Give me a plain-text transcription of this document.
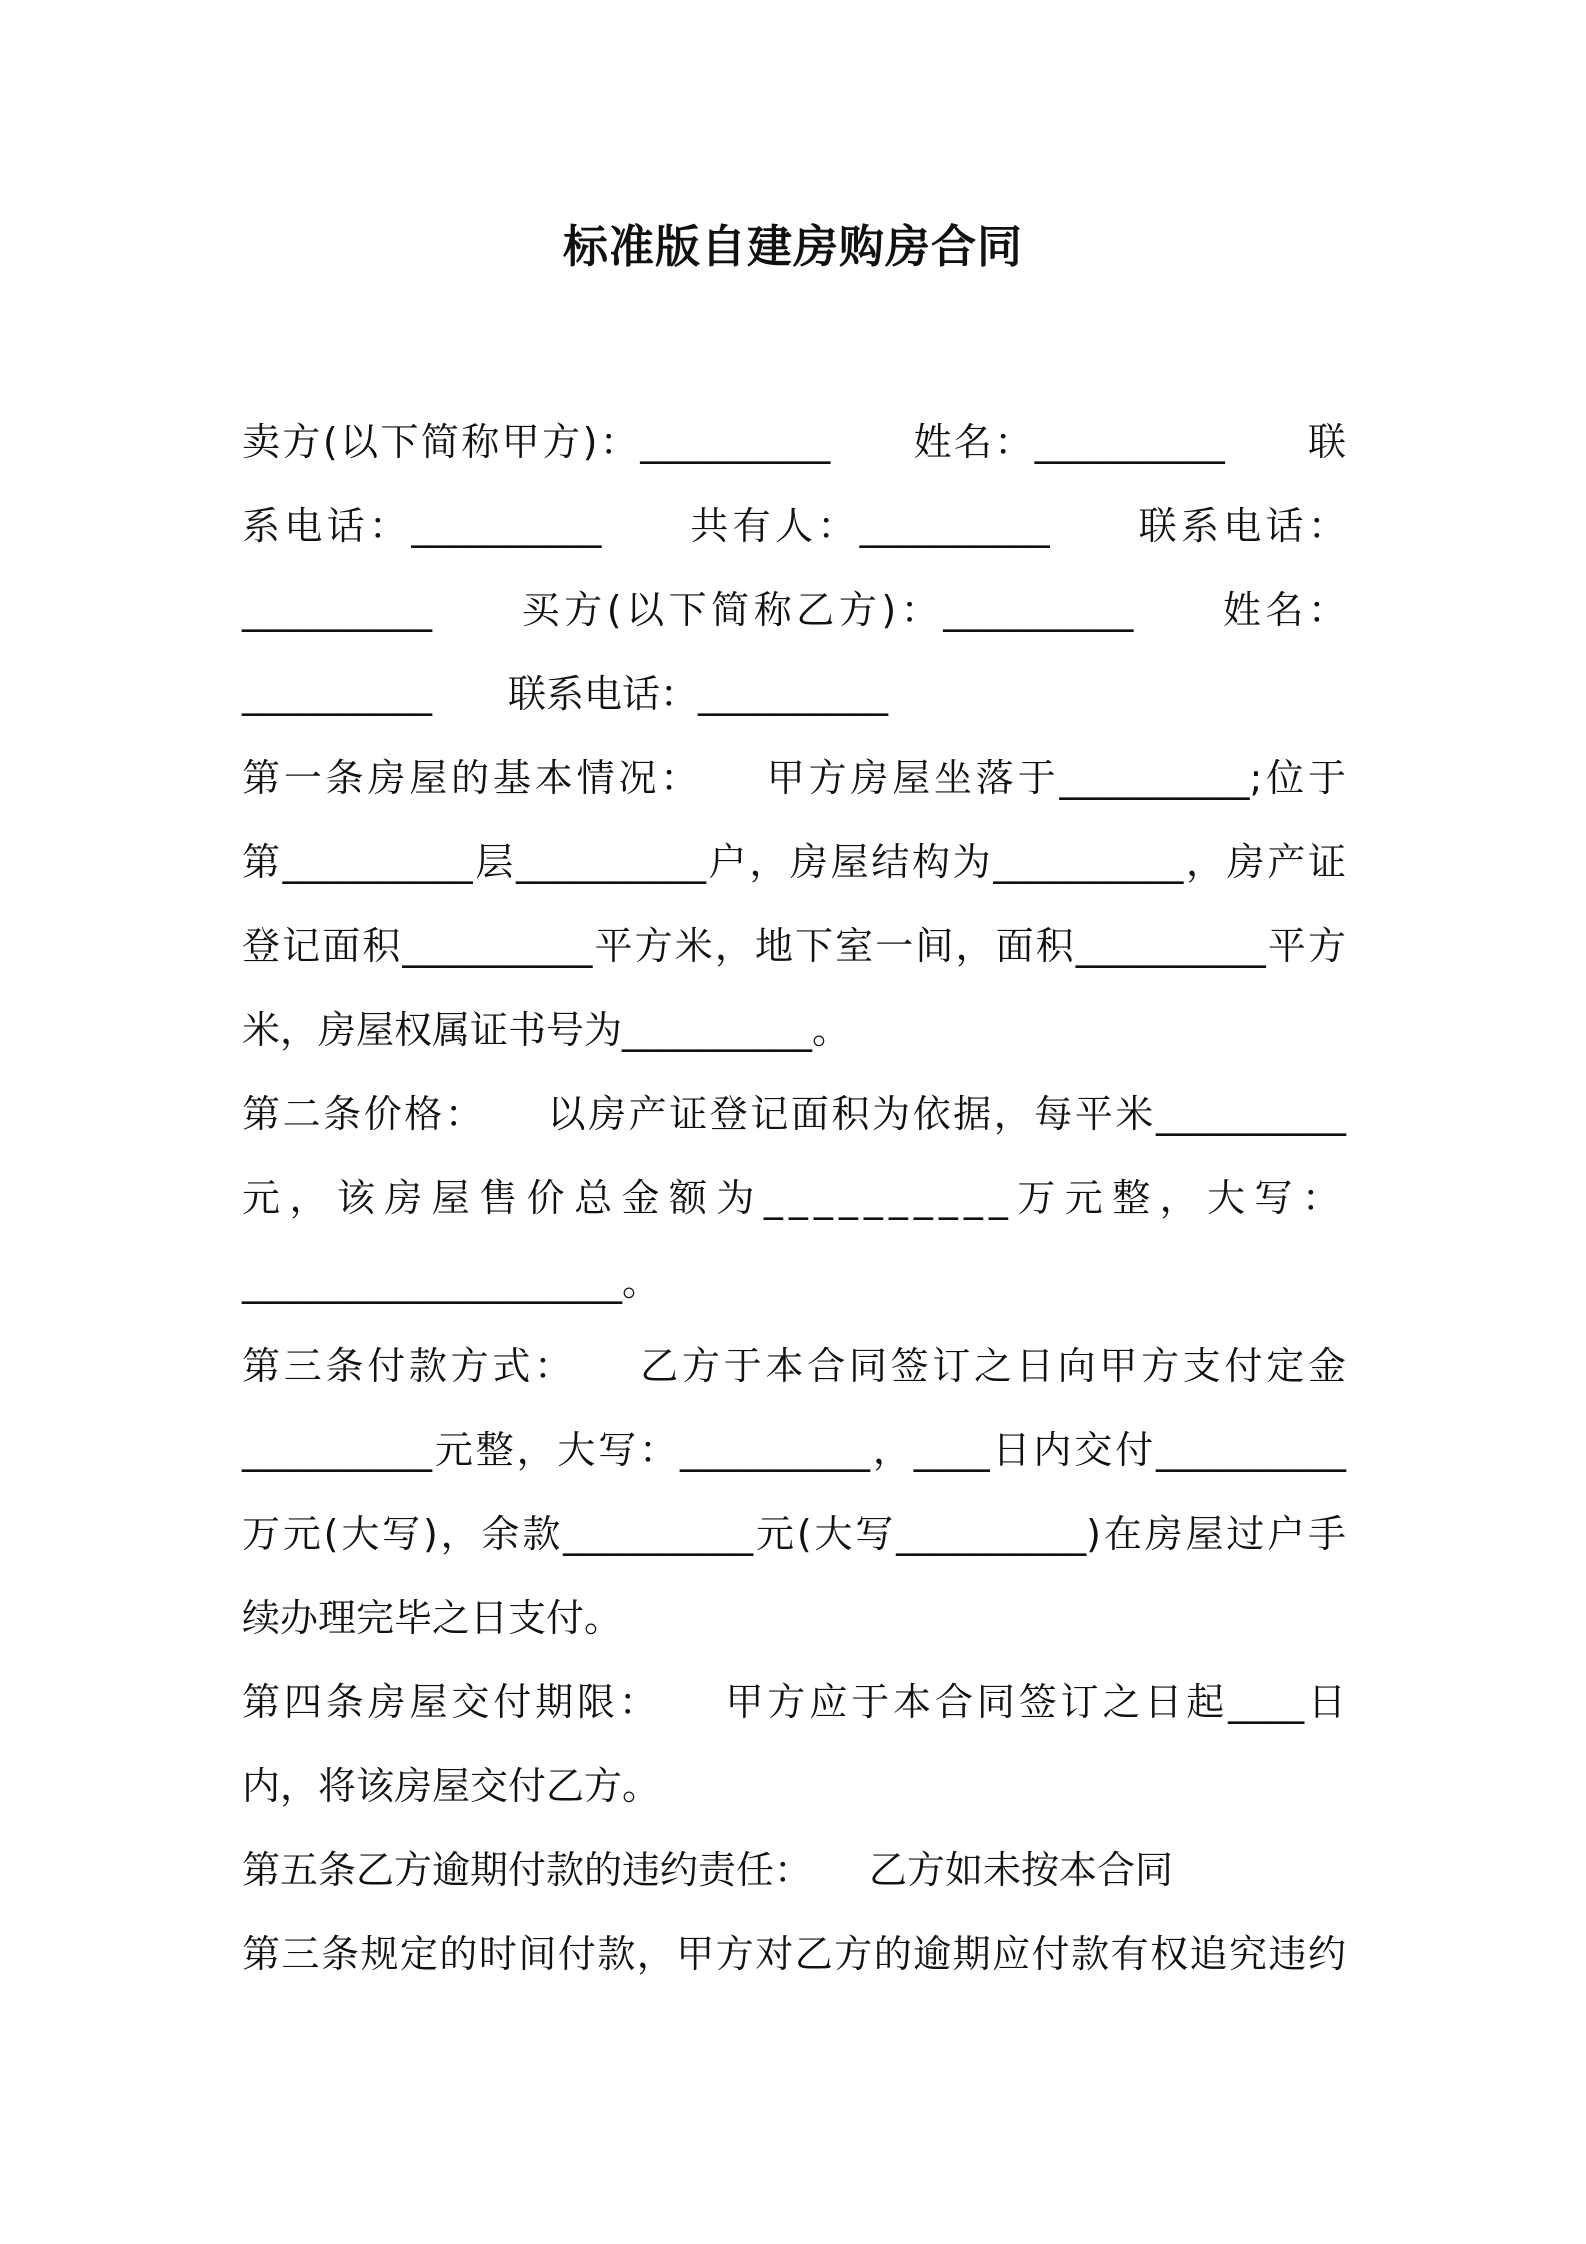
标准版自建房购房合同
卖方(以下简称甲方)：__________　　姓名：__________　　联
系电话：__________　　共有人：__________　　联系电话：
__________　　买方(以下简称乙方)：__________　　姓名：
__________　　联系电话：__________
第一条房屋的基本情况：　　甲方房屋坐落于__________;位于
第__________层__________户，房屋结构为__________，房产证
登记面积__________平方米，地下室一间，面积__________平方
米，房屋权属证书号为__________。
第二条价格：　　以房产证登记面积为依据，每平米__________
元，该房屋售价总金额为__________万元整，大写：
____________________。
第三条付款方式：　　乙方于本合同签订之日向甲方支付定金
__________元整，大写：__________，____日内交付__________
万元(大写)，余款__________元(大写__________)在房屋过户手
续办理完毕之日支付。
第四条房屋交付期限：　　甲方应于本合同签订之日起____日
内，将该房屋交付乙方。
第五条乙方逾期付款的违约责任：　　乙方如未按本合同
第三条规定的时间付款，甲方对乙方的逾期应付款有权追究违约
